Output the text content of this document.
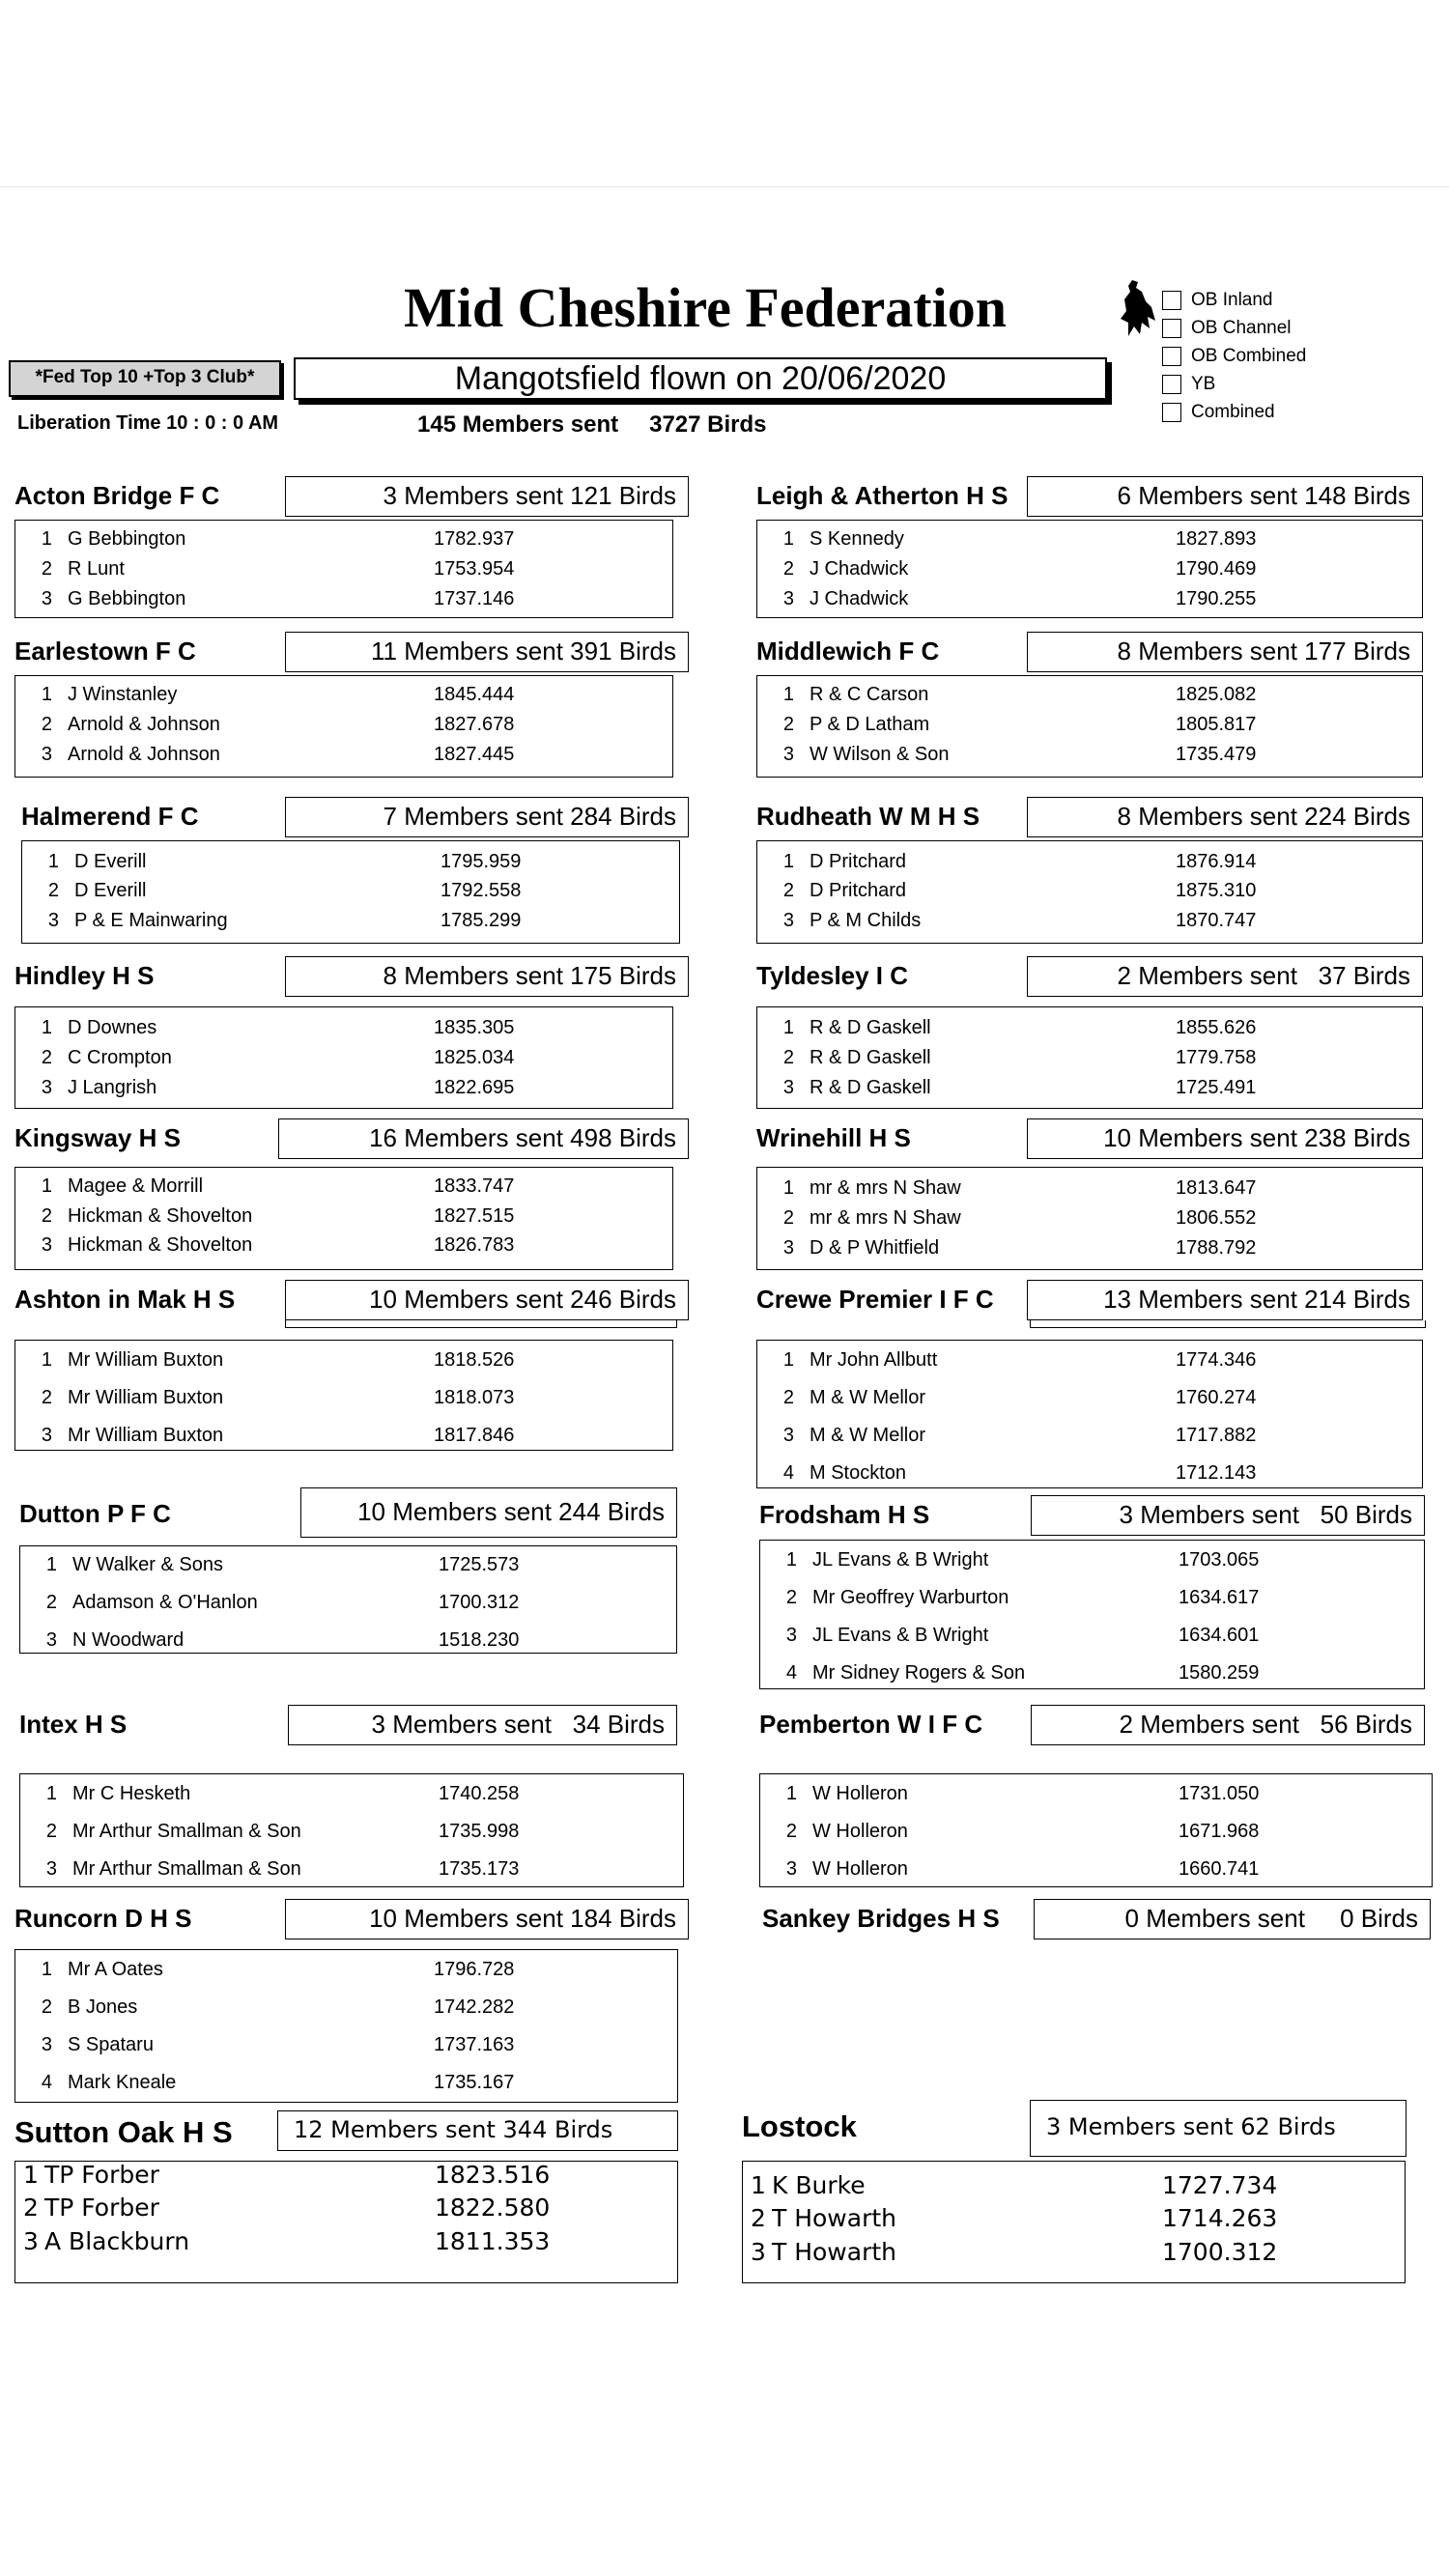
Mid Cheshire Federation	OB Inland
OB Channel
OB Combined
YB
Combined
*Fed Top 10 +Top 3 Club*	Mangotsfield flown on 20/06/2020
Liberation Time 10 : 0 : 0 AM	145 Members sent 3727 Birds
Acton Bridge F C	3 Members sent 121 Birds
1 G Bebbington	1782.937
2 R Lunt	1753.954
3 G Bebbington	1737.146
Leigh & Atherton H S	6 Members sent 148 Birds
1 S Kennedy	1827.893
2 J Chadwick	1790.469
3 J Chadwick	1790.255
Earlestown F C	11 Members sent 391 Birds
1 J Winstanley	1845.444
2 Arnold & Johnson	1827.678
3 Arnold & Johnson	1827.445
Middlewich F C	8 Members sent 177 Birds
1 R & C Carson	1825.082
2 P & D Latham	1805.817
3 W Wilson & Son	1735.479
Halmerend F C	7 Members sent 284 Birds
1 D Everill	1795.959
2 D Everill	1792.558
3 P & E Mainwaring	1785.299
Rudheath W M H S	8 Members sent 224 Birds
1 D Pritchard	1876.914
2 D Pritchard	1875.310
3 P & M Childs	1870.747
Hindley H S	8 Members sent 175 Birds
1 D Downes	1835.305
2 C Crompton	1825.034
3 J Langrish	1822.695
Tyldesley I C	2 Members sent   37 Birds
1 R & D Gaskell	1855.626
2 R & D Gaskell	1779.758
3 R & D Gaskell	1725.491
Kingsway H S	16 Members sent 498 Birds
1 Magee & Morrill	1833.747
2 Hickman & Shovelton	1827.515
3 Hickman & Shovelton	1826.783
Wrinehill H S	10 Members sent 238 Birds
1 mr & mrs N Shaw	1813.647
2 mr & mrs N Shaw	1806.552
3 D & P Whitfield	1788.792
Ashton in Mak H S	10 Members sent 246 Birds
1 Mr William Buxton	1818.526
2 Mr William Buxton	1818.073
3 Mr William Buxton	1817.846
Crewe Premier I F C	13 Members sent 214 Birds
1 Mr John Allbutt	1774.346
2 M & W Mellor	1760.274
3 M & W Mellor	1717.882
4 M Stockton	1712.143
Dutton P F C	10 Members sent 244 Birds
1 W Walker & Sons	1725.573
2 Adamson & O'Hanlon	1700.312
3 N Woodward	1518.230
Frodsham H S	3 Members sent   50 Birds
1 JL Evans & B Wright	1703.065
2 Mr Geoffrey Warburton	1634.617
3 JL Evans & B Wright	1634.601
4 Mr Sidney Rogers & Son	1580.259
Intex H S	3 Members sent   34 Birds
1 Mr C Hesketh	1740.258
2 Mr Arthur Smallman & Son	1735.998
3 Mr Arthur Smallman & Son	1735.173
Pemberton W I F C	2 Members sent   56 Birds
1 W Holleron	1731.050
2 W Holleron	1671.968
3 W Holleron	1660.741
Runcorn D H S	10 Members sent 184 Birds
1 Mr A Oates	1796.728
2 B Jones	1742.282
3 S Spataru	1737.163
4 Mark Kneale	1735.167
Sankey Bridges H S	0 Members sent     0 Birds
Sutton Oak H S	12 Members sent 344 Birds
1 TP Forber	1823.516
2 TP Forber	1822.580
3 A Blackburn	1811.353
Lostock	3 Members sent 62 Birds
1 K Burke	1727.734
2 T Howarth	1714.263
3 T Howarth	1700.312
